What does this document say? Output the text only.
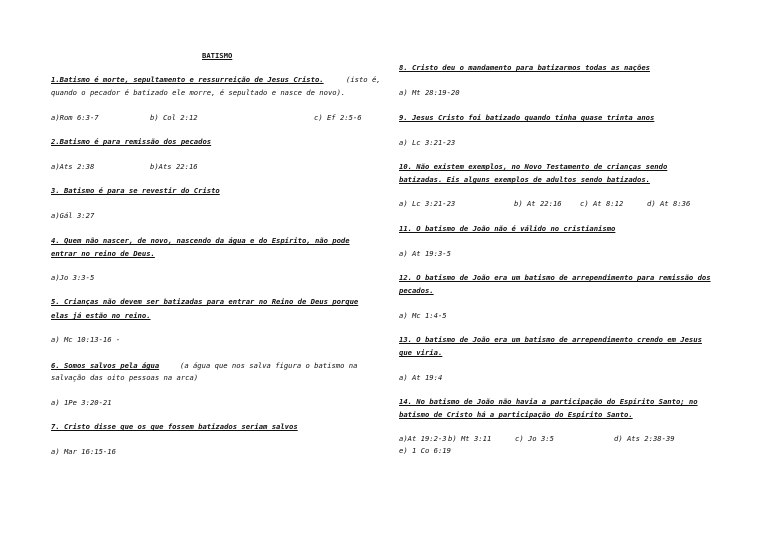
BATISMO
1.Batismo é morte, sepultamento e ressurreição de Jesus Cristo.	(isto é,
quando o pecador é batizado ele morre, é sepultado e nasce de novo).
a)Rom 6:3-7	b) Col 2:12	c) Ef 2:5-6
2.Batismo é para remissão dos pecados
a)Ats 2:38	b)Ats 22:16
3. Batismo é para se revestir do Cristo
a)Gál 3:27
4. Quem não nascer, de novo, nascendo da água e do Espírito, não pode
entrar no reino de Deus.
a)Jo 3:3-5
5. Crianças não devem ser batizadas para entrar no Reino de Deus porque
elas já estão no reino.
a) Mc 10:13-16 -
6. Somos salvos pela água	(a água que nos salva figura o batismo na
salvação das oito pessoas na arca)
a) 1Pe 3:20-21
7. Cristo disse que os que fossem batizados seriam salvos
a) Mar 16:15-16
8. Cristo deu o mandamento para batizarmos todas as nações
a) Mt 28:19-20
9. Jesus Cristo foi batizado quando tinha quase trinta anos
a) Lc 3:21-23
10. Não existem exemplos, no Novo Testamento de crianças sendo
batizadas. Eis alguns exemplos de adultos sendo batizados.
a) Lc 3:21-23	b) At 22:16	c) At 8:12	d) At 8:36
11. O batismo de João não é válido no cristianismo
a) At 19:3-5
12. O batismo de João era um batismo de arrependimento para remissão dos
pecados.
a) Mc 1:4-5
13. O batismo de João era um batismo de arrependimento crendo em Jesus
que viria.
a) At 19:4
14. No batismo de João não havia a participação do Espírito Santo; no
batismo de Cristo há a participação do Espírito Santo.
a)At 19:2-3 b) Mt 3:11	c) Jo 3:5	d) Ats 2:38-39
e) 1 Co 6:19
